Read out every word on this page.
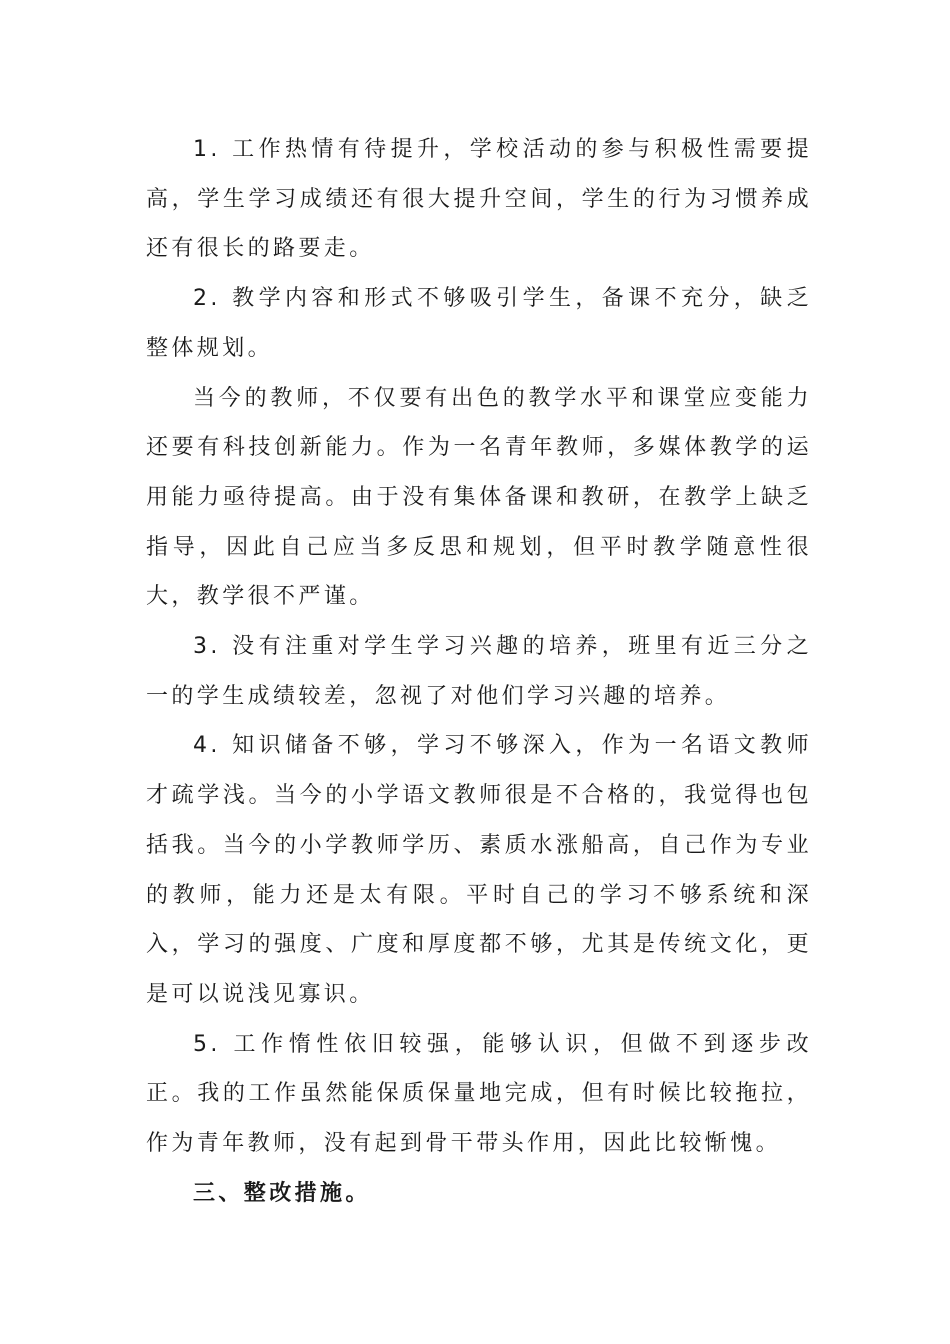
1. 工作热情有待提升，学校活动的参与积极性需要提高，学生学习成绩还有很大提升空间，学生的行为习惯养成还有很长的路要走。

2. 教学内容和形式不够吸引学生，备课不充分，缺乏整体规划。

当今的教师，不仅要有出色的教学水平和课堂应变能力还要有科技创新能力。作为一名青年教师，多媒体教学的运用能力亟待提高。由于没有集体备课和教研，在教学上缺乏指导，因此自己应当多反思和规划，但平时教学随意性很大，教学很不严谨。

3. 没有注重对学生学习兴趣的培养，班里有近三分之一的学生成绩较差，忽视了对他们学习兴趣的培养。

4. 知识储备不够，学习不够深入，作为一名语文教师才疏学浅。当今的小学语文教师很是不合格的，我觉得也包括我。当今的小学教师学历、素质水涨船高，自己作为专业的教师，能力还是太有限。平时自己的学习不够系统和深入，学习的强度、广度和厚度都不够，尤其是传统文化，更是可以说浅见寡识。

5. 工作惰性依旧较强，能够认识，但做不到逐步改正。我的工作虽然能保质保量地完成，但有时候比较拖拉，作为青年教师，没有起到骨干带头作用，因此比较惭愧。

三、整改措施。
